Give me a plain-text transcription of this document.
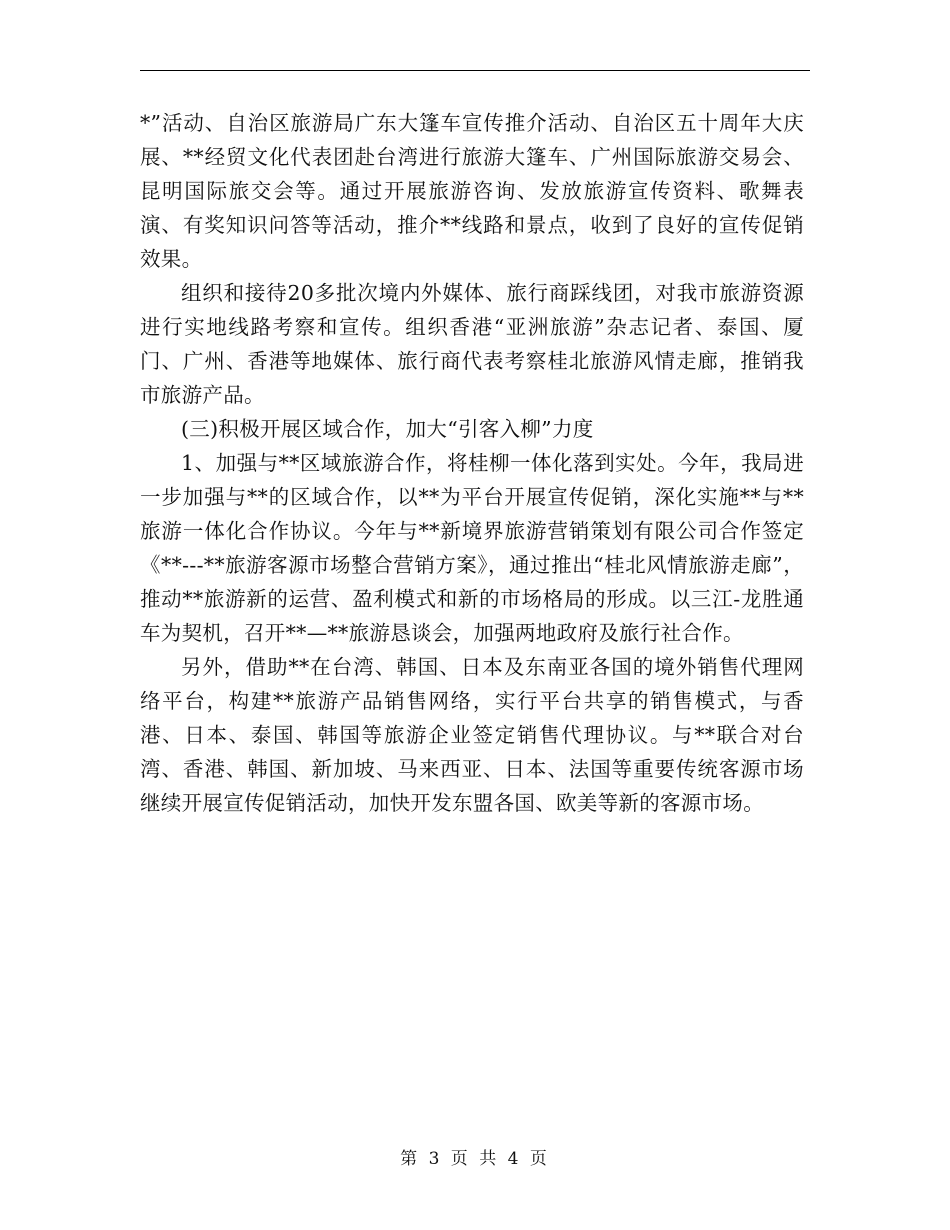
*”活动、自治区旅游局广东大篷车宣传推介活动、自治区五十周年大庆展、**经贸文化代表团赴台湾进行旅游大篷车、广州国际旅游交易会、昆明国际旅交会等。通过开展旅游咨询、发放旅游宣传资料、歌舞表演、有奖知识问答等活动，推介**线路和景点，收到了良好的宣传促销效果。

组织和接待20多批次境内外媒体、旅行商踩线团，对我市旅游资源进行实地线路考察和宣传。组织香港“亚洲旅游”杂志记者、泰国、厦门、广州、香港等地媒体、旅行商代表考察桂北旅游风情走廊，推销我市旅游产品。

(三)积极开展区域合作，加大“引客入柳”力度

1、加强与**区域旅游合作，将桂柳一体化落到实处。今年，我局进一步加强与**的区域合作，以**为平台开展宣传促销，深化实施**与**旅游一体化合作协议。今年与**新境界旅游营销策划有限公司合作签定《**---**旅游客源市场整合营销方案》，通过推出“桂北风情旅游走廊”，推动**旅游新的运营、盈利模式和新的市场格局的形成。以三江-龙胜通车为契机，召开**—**旅游恳谈会，加强两地政府及旅行社合作。

另外，借助**在台湾、韩国、日本及东南亚各国的境外销售代理网络平台，构建**旅游产品销售网络，实行平台共享的销售模式，与香港、日本、泰国、韩国等旅游企业签定销售代理协议。与**联合对台湾、香港、韩国、新加坡、马来西亚、日本、法国等重要传统客源市场继续开展宣传促销活动，加快开发东盟各国、欧美等新的客源市场。

第 3 页 共 4 页
